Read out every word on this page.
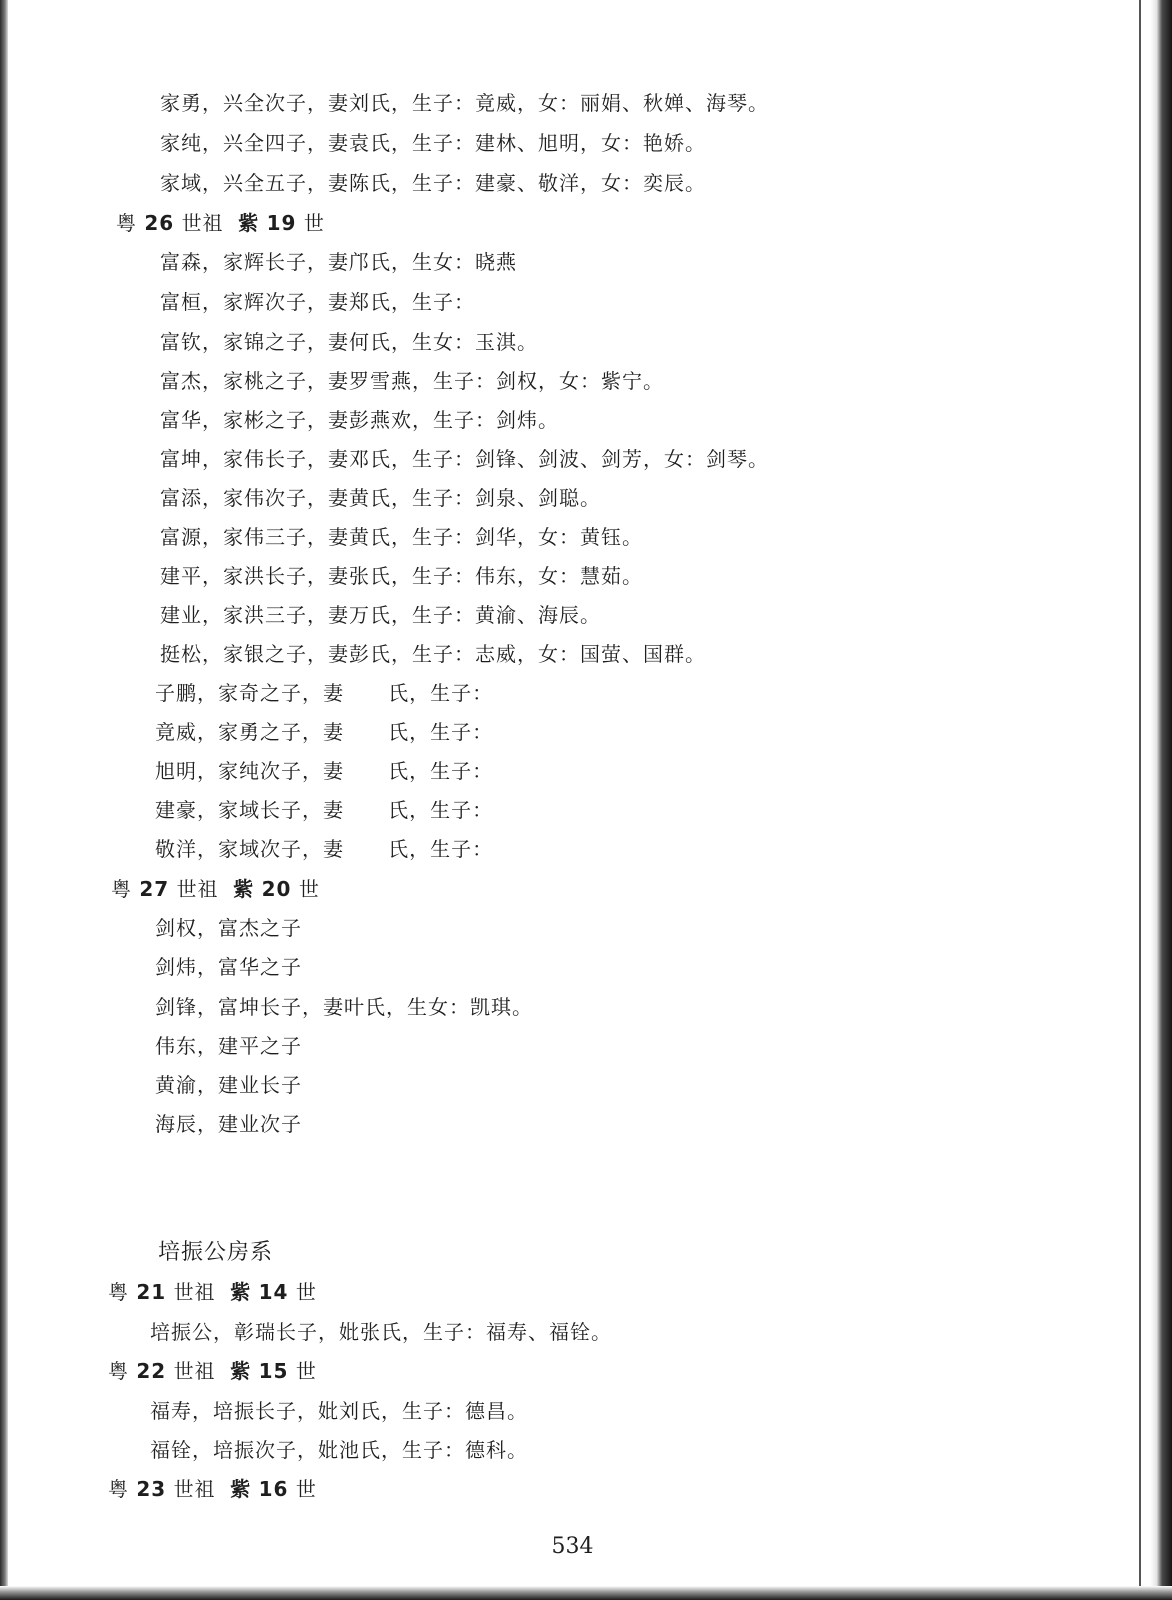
家勇，兴全次子，妻刘氏，生子：竟威，女：丽娟、秋婵、海琴。
家纯，兴全四子，妻袁氏，生子：建林、旭明，女：艳娇。
家域，兴全五子，妻陈氏，生子：建豪、敬洋，女：奕辰。
粤 26 世祖 紫 19 世
富森，家辉长子，妻邝氏，生女：晓燕
富桓，家辉次子，妻郑氏，生子：
富钦，家锦之子，妻何氏，生女：玉淇。
富杰，家桃之子，妻罗雪燕，生子：剑权，女：紫宁。
富华，家彬之子，妻彭燕欢，生子：剑炜。
富坤，家伟长子，妻邓氏，生子：剑锋、剑波、剑芳，女：剑琴。
富添，家伟次子，妻黄氏，生子：剑泉、剑聪。
富源，家伟三子，妻黄氏，生子：剑华，女：黄钰。
建平，家洪长子，妻张氏，生子：伟东，女：慧茹。
建业，家洪三子，妻万氏，生子：黄渝、海辰。
挺松，家银之子，妻彭氏，生子：志威，女：国萤、国群。
子鹏，家奇之子，妻      氏，生子：
竟威，家勇之子，妻      氏，生子：
旭明，家纯次子，妻      氏，生子：
建豪，家域长子，妻      氏，生子：
敬洋，家域次子，妻      氏，生子：
粤 27 世祖 紫 20 世
剑权，富杰之子
剑炜，富华之子
剑锋，富坤长子，妻叶氏，生女：凯琪。
伟东，建平之子
黄渝，建业长子
海辰，建业次子
培振公房系
粤 21 世祖 紫 14 世
培振公，彰瑞长子，妣张氏，生子：福寿、福铨。
粤 22 世祖 紫 15 世
福寿，培振长子，妣刘氏，生子：德昌。
福铨，培振次子，妣池氏，生子：德科。
粤 23 世祖 紫 16 世
534
